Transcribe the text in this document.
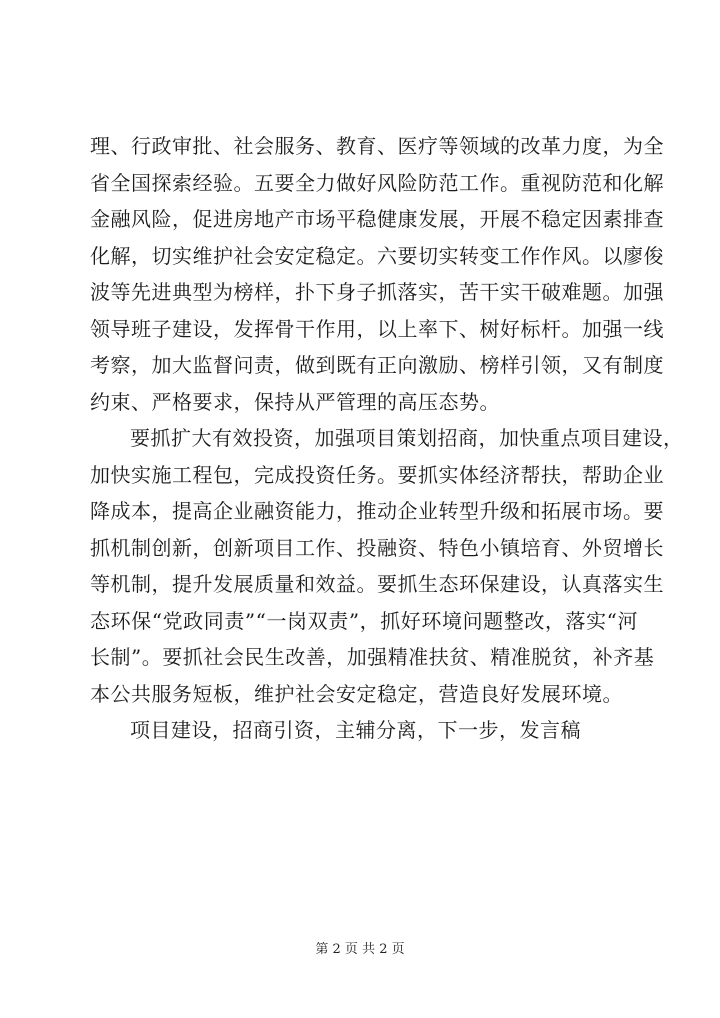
理、行政审批、社会服务、教育、医疗等领域的改革力度，为全
省全国探索经验。五要全力做好风险防范工作。重视防范和化解
金融风险，促进房地产市场平稳健康发展，开展不稳定因素排查
化解，切实维护社会安定稳定。六要切实转变工作作风。以廖俊
波等先进典型为榜样，扑下身子抓落实，苦干实干破难题。加强
领导班子建设，发挥骨干作用，以上率下、树好标杆。加强一线
考察，加大监督问责，做到既有正向激励、榜样引领，又有制度
约束、严格要求，保持从严管理的高压态势。
要抓扩大有效投资，加强项目策划招商，加快重点项目建设，
加快实施工程包，完成投资任务。要抓实体经济帮扶，帮助企业
降成本，提高企业融资能力，推动企业转型升级和拓展市场。要
抓机制创新，创新项目工作、投融资、特色小镇培育、外贸增长
等机制，提升发展质量和效益。要抓生态环保建设，认真落实生
态环保“党政同责”“一岗双责”，抓好环境问题整改，落实“河
长制”。要抓社会民生改善，加强精准扶贫、精准脱贫，补齐基
本公共服务短板，维护社会安定稳定，营造良好发展环境。
项目建设，招商引资，主辅分离，下一步，发言稿
第 2 页 共 2 页
